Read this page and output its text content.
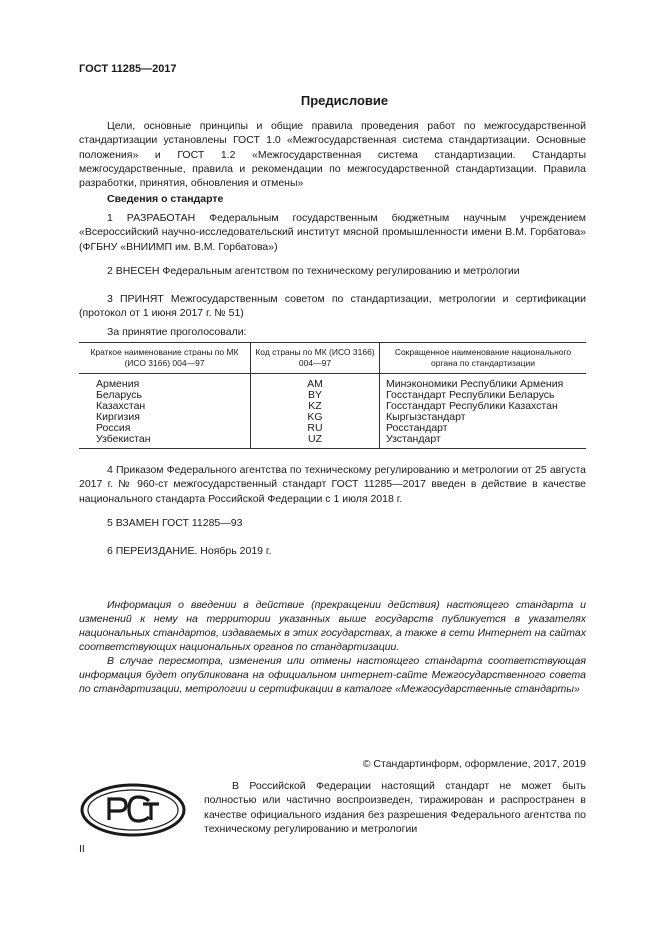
ГОСТ 11285—2017
Предисловие

Цели, основные принципы и общие правила проведения работ по межгосударственной стандартизации установлены ГОСТ 1.0 «Межгосударственная система стандартизации. Основные положения» и ГОСТ 1.2 «Межгосударственная система стандартизации. Стандарты межгосударственные, правила и рекомендации по межгосударственной стандартизации. Правила разработки, принятия, обновления и отмены»

Сведения о стандарте

1 РАЗРАБОТАН Федеральным государственным бюджетным научным учреждением «Всероссийский научно-исследовательский институт мясной промышленности имени В.М. Горбатова» (ФГБНУ «ВНИИМП им. В.М. Горбатова»)

2 ВНЕСЕН Федеральным агентством по техническому регулированию и метрологии

3 ПРИНЯТ Межгосударственным советом по стандартизации, метрологии и сертификации (протокол от 1 июня 2017 г. № 51)

За принятие проголосовали:
Краткое наименование страны по МК (ИСО 3166) 004—97	Код страны по МК (ИСО 3166) 004—97	Сокращенное наименование национального органа по стандартизации
Армения	AM	Минэкономики Республики Армения
Беларусь	BY	Госстандарт Республики Беларусь
Казахстан	KZ	Госстандарт Республики Казахстан
Киргизия	KG	Кыргызстандарт
Россия	RU	Росстандарт
Узбекистан	UZ	Узстандарт

4 Приказом Федерального агентства по техническому регулированию и метрологии от 25 августа 2017 г. № 960-ст межгосударственный стандарт ГОСТ 11285—2017 введен в действие в качестве национального стандарта Российской Федерации с 1 июля 2018 г.

5 ВЗАМЕН ГОСТ 11285—93

6 ПЕРЕИЗДАНИЕ. Ноябрь 2019 г.

Информация о введении в действие (прекращении действия) настоящего стандарта и изменений к нему на территории указанных выше государств публикуется в указателях национальных стандартов, издаваемых в этих государствах, а также в сети Интернет на сайтах соответствующих национальных органов по стандартизации.

В случае пересмотра, изменения или отмены настоящего стандарта соответствующая информация будет опубликована на официальном интернет-сайте Межгосударственного совета по стандартизации, метрологии и сертификации в каталоге «Межгосударственные стандарты»

© Стандартинформ, оформление, 2017, 2019

В Российской Федерации настоящий стандарт не может быть полностью или частично воспроизведен, тиражирован и распространен в качестве официального издания без разрешения Федерального агентства по техническому регулированию и метрологии

II
